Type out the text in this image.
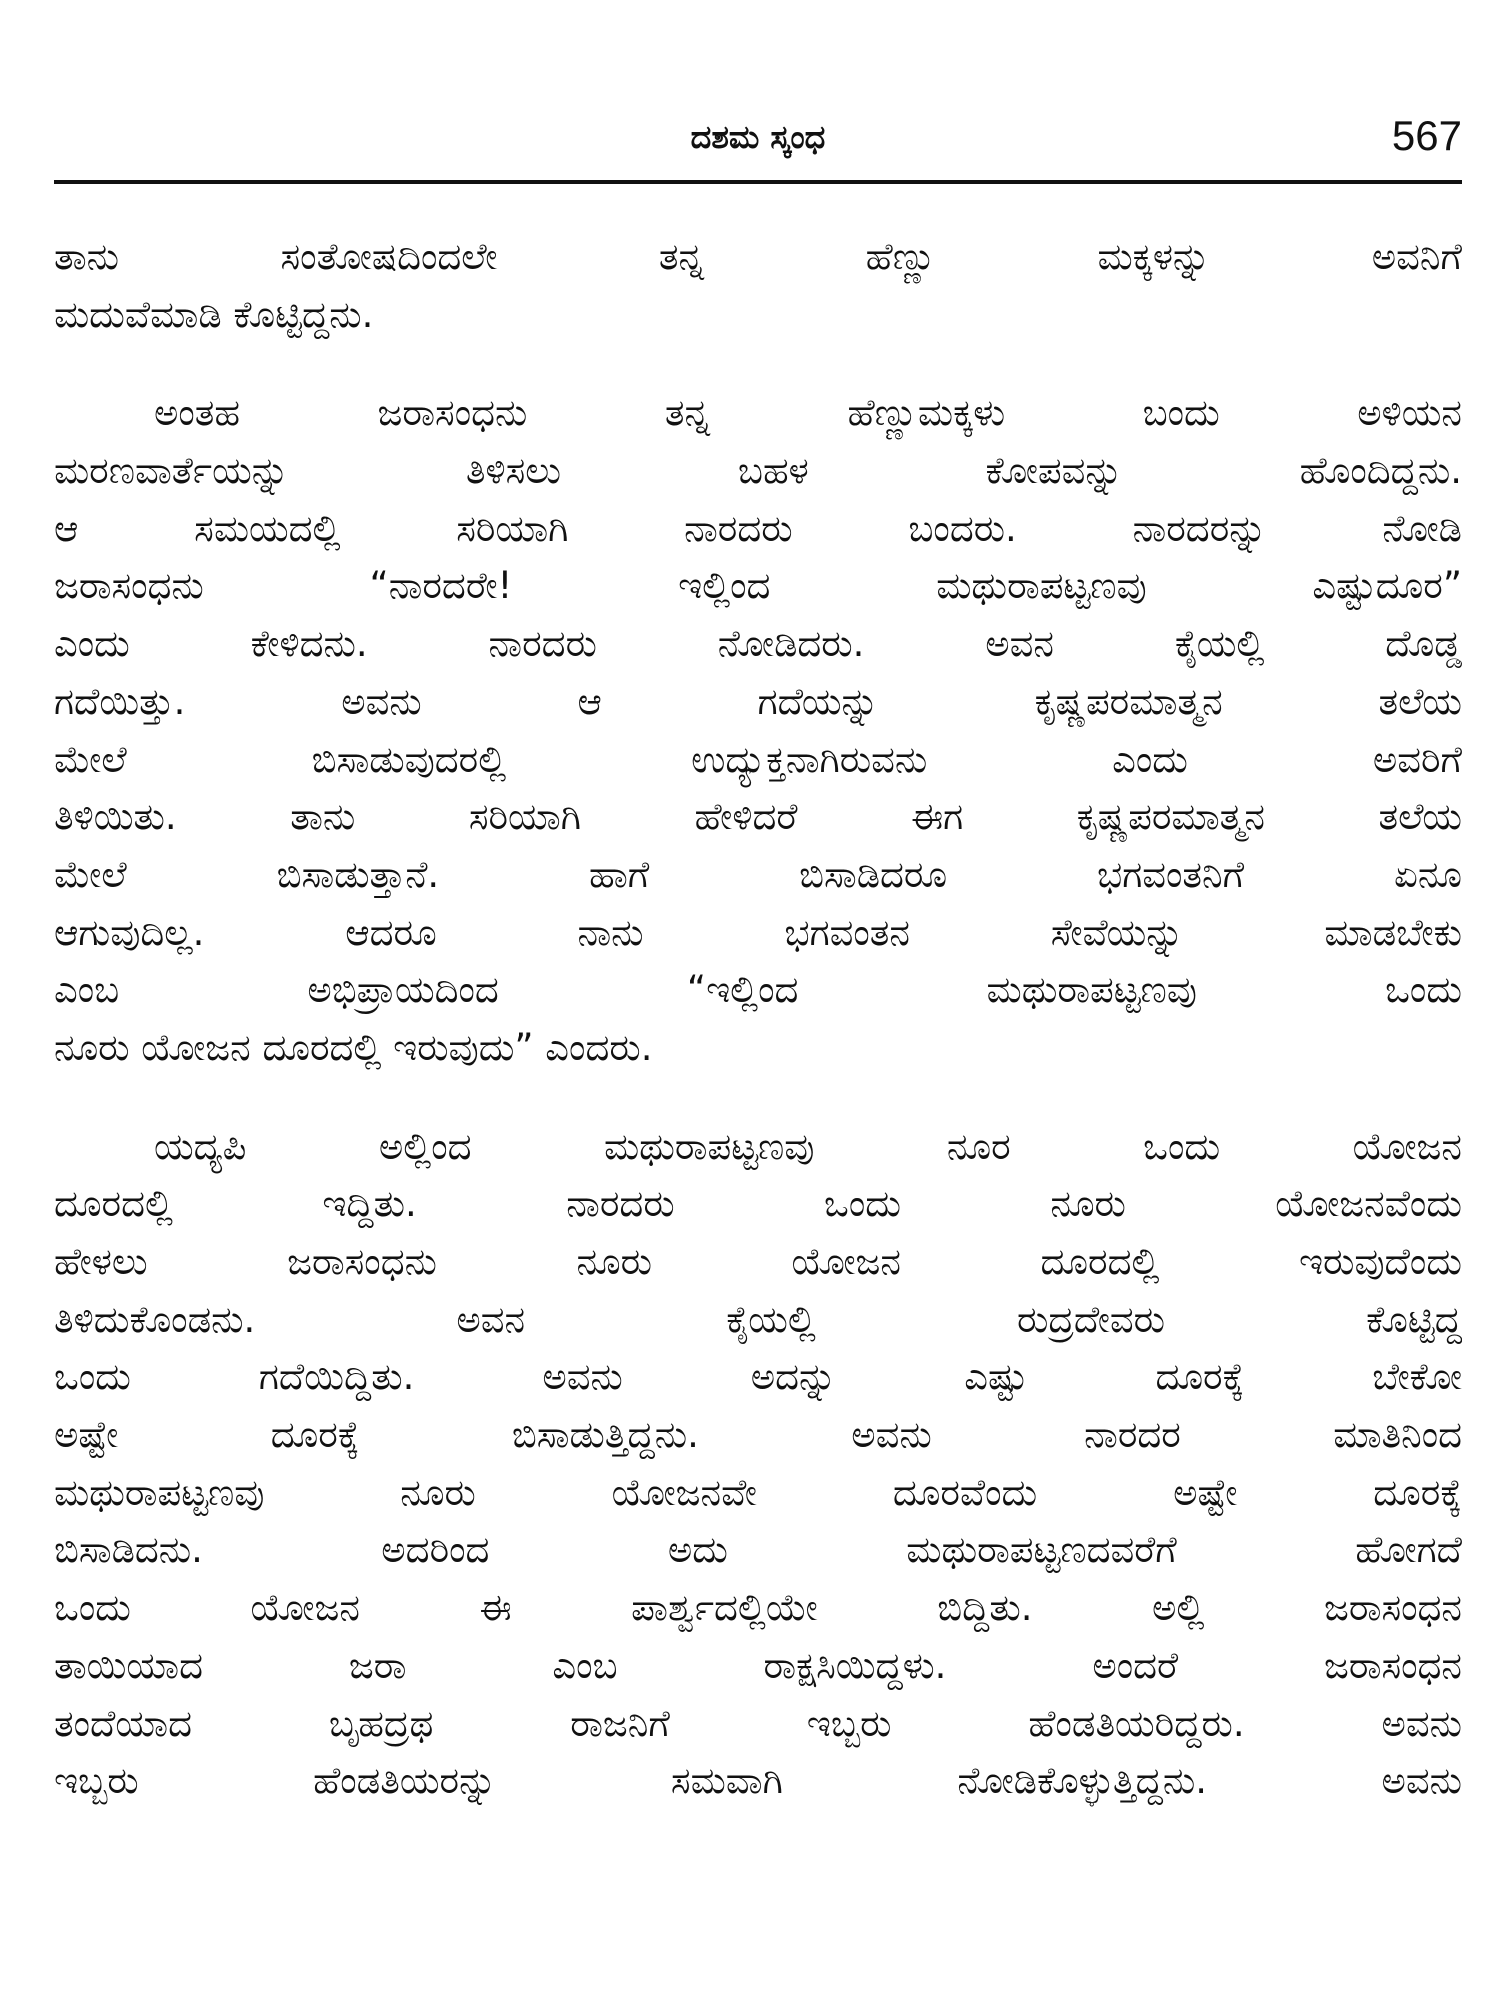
ದಶಮ ಸ್ಕಂಧ	567
ತಾನು ಸಂತೋಷದಿಂದಲೇ ತನ್ನ ಹೆಣ್ಣು ಮಕ್ಕಳನ್ನು ಅವನಿಗೆ
ಮದುವೆಮಾಡಿ ಕೊಟ್ಟಿದ್ದನು.
ಅಂತಹ ಜರಾಸಂಧನು ತನ್ನ ಹೆಣ್ಣುಮಕ್ಕಳು ಬಂದು ಅಳಿಯನ
ಮರಣವಾರ್ತೆಯನ್ನು ತಿಳಿಸಲು ಬಹಳ ಕೋಪವನ್ನು ಹೊಂದಿದ್ದನು.
ಆ ಸಮಯದಲ್ಲಿ ಸರಿಯಾಗಿ ನಾರದರು ಬಂದರು. ನಾರದರನ್ನು ನೋಡಿ
ಜರಾಸಂಧನು “ನಾರದರೇ! ಇಲ್ಲಿಂದ ಮಥುರಾಪಟ್ಟಣವು ಎಷ್ಟುದೂರ”
ಎಂದು ಕೇಳಿದನು. ನಾರದರು ನೋಡಿದರು. ಅವನ ಕೈಯಲ್ಲಿ ದೊಡ್ಡ
ಗದೆಯಿತ್ತು. ಅವನು ಆ ಗದೆಯನ್ನು ಕೃಷ್ಣಪರಮಾತ್ಮನ ತಲೆಯ
ಮೇಲೆ ಬಿಸಾಡುವುದರಲ್ಲಿ ಉದ್ಯುಕ್ತನಾಗಿರುವನು ಎಂದು ಅವರಿಗೆ
ತಿಳಿಯಿತು. ತಾನು ಸರಿಯಾಗಿ ಹೇಳಿದರೆ ಈಗ ಕೃಷ್ಣಪರಮಾತ್ಮನ ತಲೆಯ
ಮೇಲೆ ಬಿಸಾಡುತ್ತಾನೆ. ಹಾಗೆ ಬಿಸಾಡಿದರೂ ಭಗವಂತನಿಗೆ ಏನೂ
ಆಗುವುದಿಲ್ಲ. ಆದರೂ ನಾನು ಭಗವಂತನ ಸೇವೆಯನ್ನು ಮಾಡಬೇಕು
ಎಂಬ ಅಭಿಪ್ರಾಯದಿಂದ “ಇಲ್ಲಿಂದ ಮಥುರಾಪಟ್ಟಣವು ಒಂದು
ನೂರು ಯೋಜನ ದೂರದಲ್ಲಿ ಇರುವುದು” ಎಂದರು.
ಯದ್ಯಪಿ ಅಲ್ಲಿಂದ ಮಥುರಾಪಟ್ಟಣವು ನೂರ ಒಂದು ಯೋಜನ
ದೂರದಲ್ಲಿ ಇದ್ದಿತು. ನಾರದರು ಒಂದು ನೂರು ಯೋಜನವೆಂದು
ಹೇಳಲು ಜರಾಸಂಧನು ನೂರು ಯೋಜನ ದೂರದಲ್ಲಿ ಇರುವುದೆಂದು
ತಿಳಿದುಕೊಂಡನು. ಅವನ ಕೈಯಲ್ಲಿ ರುದ್ರದೇವರು ಕೊಟ್ಟಿದ್ದ
ಒಂದು ಗದೆಯಿದ್ದಿತು. ಅವನು ಅದನ್ನು ಎಷ್ಟು ದೂರಕ್ಕೆ ಬೇಕೋ
ಅಷ್ಟೇ ದೂರಕ್ಕೆ ಬಿಸಾಡುತ್ತಿದ್ದನು. ಅವನು ನಾರದರ ಮಾತಿನಿಂದ
ಮಥುರಾಪಟ್ಟಣವು ನೂರು ಯೋಜನವೇ ದೂರವೆಂದು ಅಷ್ಟೇ ದೂರಕ್ಕೆ
ಬಿಸಾಡಿದನು. ಅದರಿಂದ ಅದು ಮಥುರಾಪಟ್ಟಣದವರೆಗೆ ಹೋಗದೆ
ಒಂದು ಯೋಜನ ಈ ಪಾರ್ಶ್ವದಲ್ಲಿಯೇ ಬಿದ್ದಿತು. ಅಲ್ಲಿ ಜರಾಸಂಧನ
ತಾಯಿಯಾದ ಜರಾ ಎಂಬ ರಾಕ್ಷಸಿಯಿದ್ದಳು. ಅಂದರೆ ಜರಾಸಂಧನ
ತಂದೆಯಾದ ಬೃಹದ್ರಥ ರಾಜನಿಗೆ ಇಬ್ಬರು ಹೆಂಡತಿಯರಿದ್ದರು. ಅವನು
ಇಬ್ಬರು ಹೆಂಡತಿಯರನ್ನು ಸಮವಾಗಿ ನೋಡಿಕೊಳ್ಳುತ್ತಿದ್ದನು. ಅವನು
